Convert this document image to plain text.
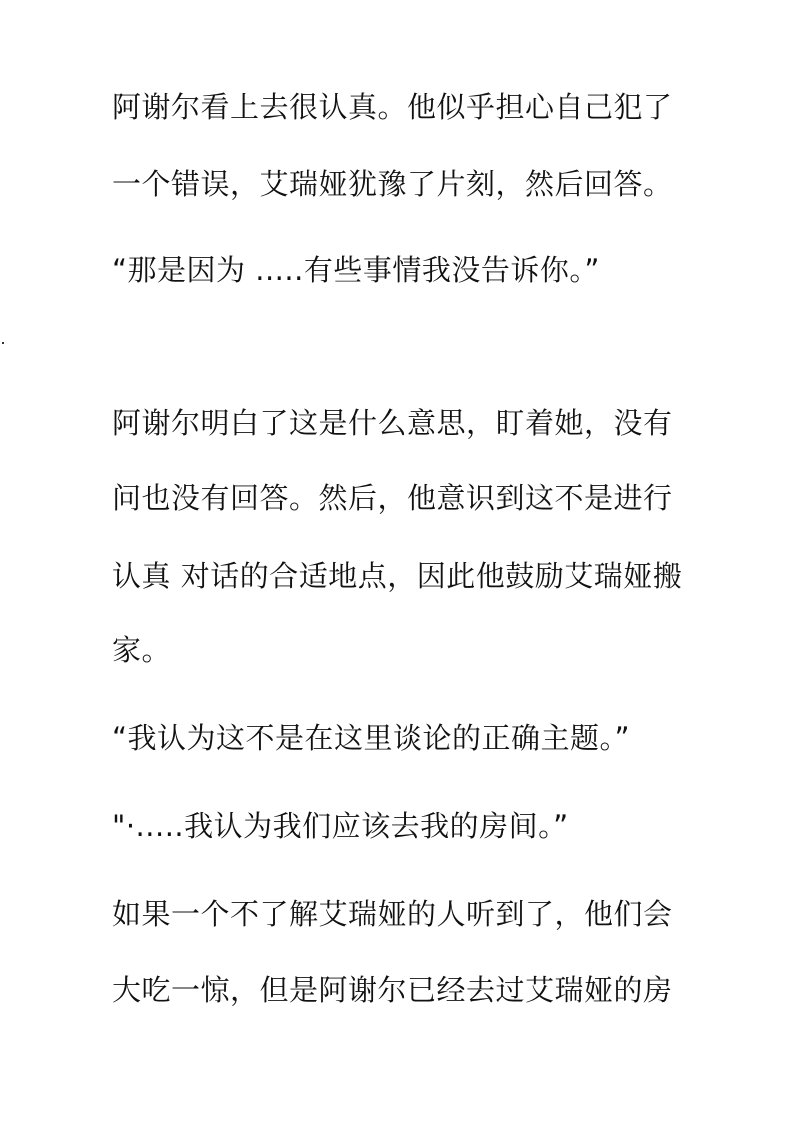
阿谢尔看上去很认真。他似乎担心自己犯了
一个错误，艾瑞娅犹豫了片刻，然后回答。
“那是因为 .....有些事情我没告诉你。”
阿谢尔明白了这是什么意思，盯着她，没有
问也没有回答。然后，他意识到这不是进行
认真 对话的合适地点，因此他鼓励艾瑞娅搬
家。
“我认为这不是在这里谈论的正确主题。”
"·.....我认为我们应该去我的房间。”
如果一个不了解艾瑞娅的人听到了，他们会
大吃一惊，但是阿谢尔已经去过艾瑞娅的房
